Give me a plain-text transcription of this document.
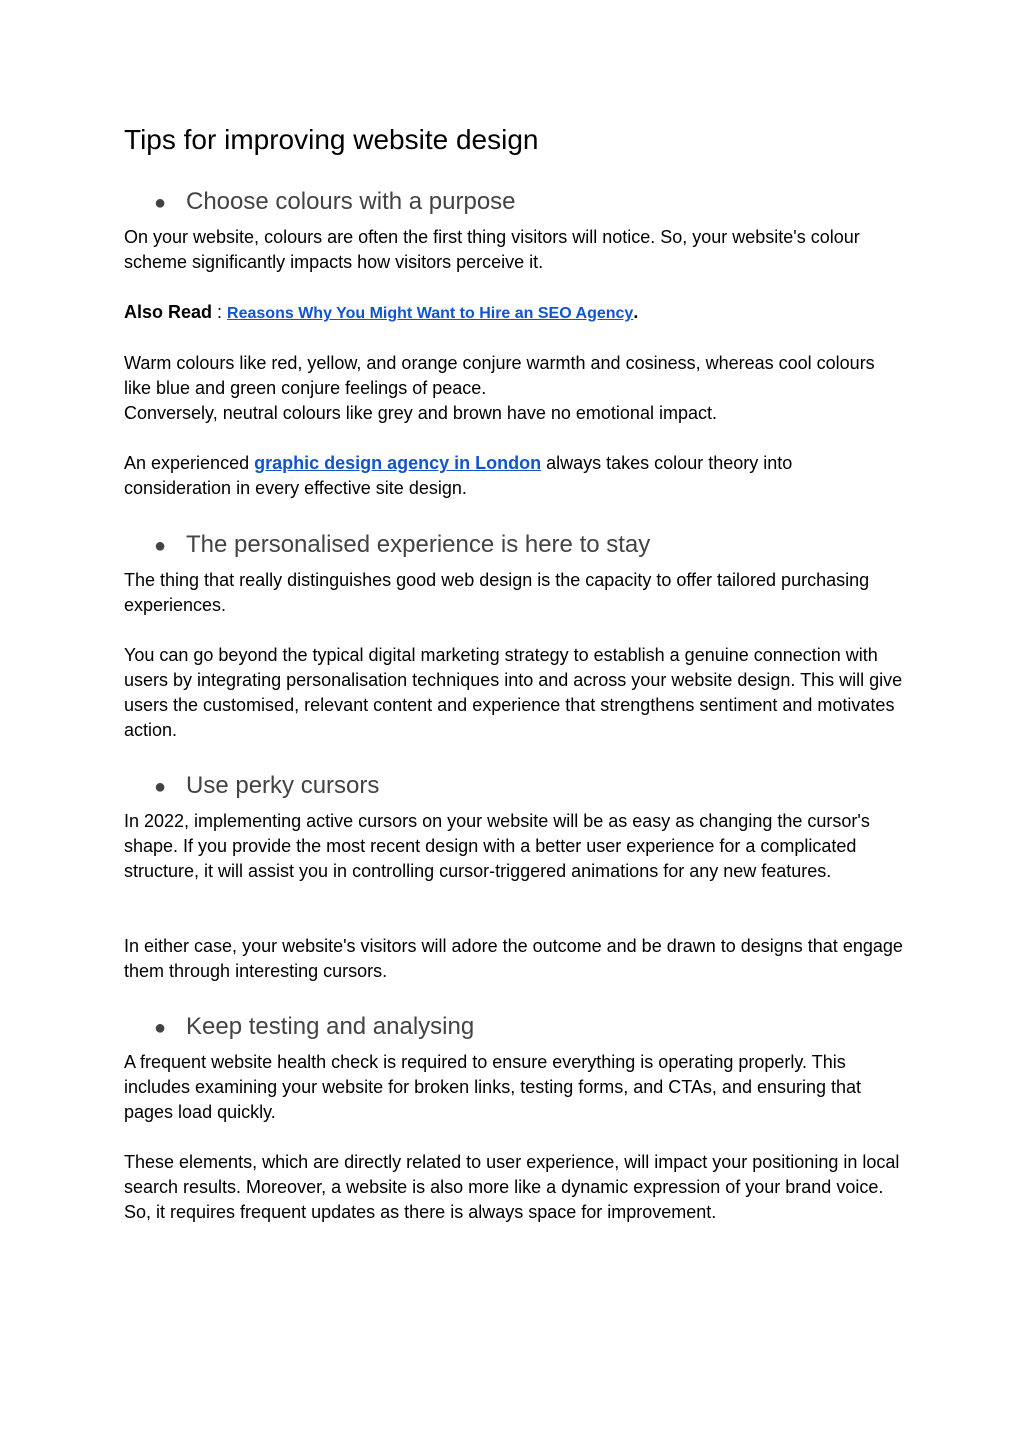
Tips for improving website design
● Choose colours with a purpose

On your website, colours are often the first thing visitors will notice. So, your website's colour scheme significantly impacts how visitors perceive it.

Also Read : Reasons Why You Might Want to Hire an SEO Agency.

Warm colours like red, yellow, and orange conjure warmth and cosiness, whereas cool colours like blue and green conjure feelings of peace.
Conversely, neutral colours like grey and brown have no emotional impact.

An experienced graphic design agency in London always takes colour theory into consideration in every effective site design.

● The personalised experience is here to stay

The thing that really distinguishes good web design is the capacity to offer tailored purchasing experiences.

You can go beyond the typical digital marketing strategy to establish a genuine connection with users by integrating personalisation techniques into and across your website design. This will give users the customised, relevant content and experience that strengthens sentiment and motivates action.

● Use perky cursors

In 2022, implementing active cursors on your website will be as easy as changing the cursor's shape. If you provide the most recent design with a better user experience for a complicated structure, it will assist you in controlling cursor-triggered animations for any new features.

In either case, your website's visitors will adore the outcome and be drawn to designs that engage them through interesting cursors.

● Keep testing and analysing

A frequent website health check is required to ensure everything is operating properly. This includes examining your website for broken links, testing forms, and CTAs, and ensuring that pages load quickly.

These elements, which are directly related to user experience, will impact your positioning in local search results. Moreover, a website is also more like a dynamic expression of your brand voice. So, it requires frequent updates as there is always space for improvement.
